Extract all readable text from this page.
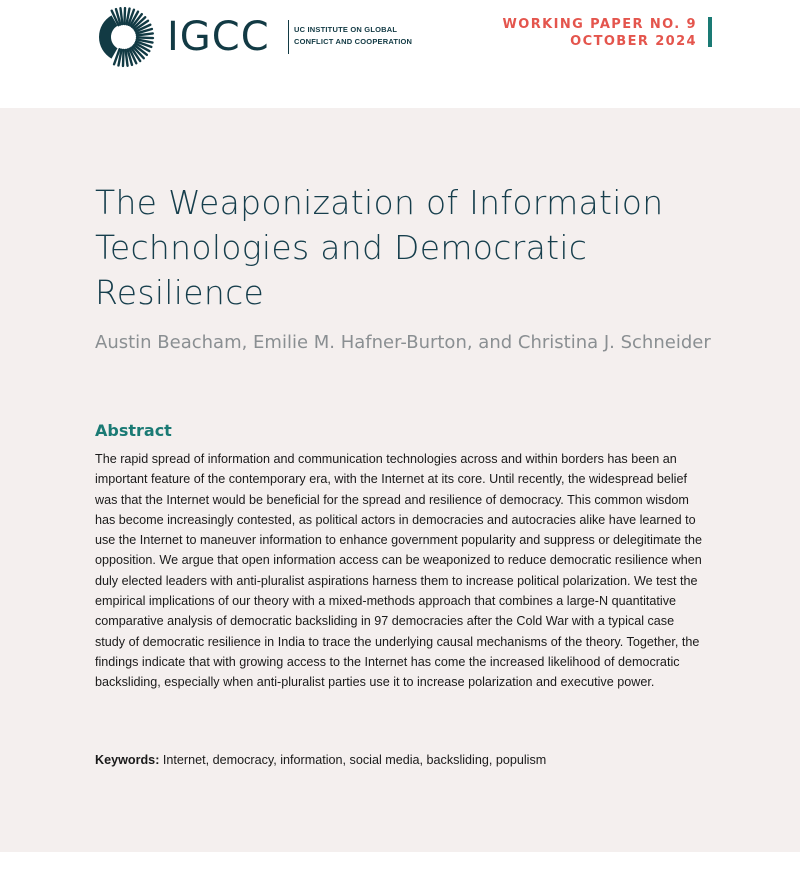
IGCC	UC INSTITUTE ON GLOBAL
CONFLICT AND COOPERATION
WORKING PAPER NO. 9
OCTOBER 2024
The Weaponization of Information Technologies and Democratic Resilience

Austin Beacham, Emilie M. Hafner-Burton, and Christina J. Schneider

Abstract

The rapid spread of information and communication technologies across and within borders has been an important feature of the contemporary era, with the Internet at its core. Until recently, the widespread belief was that the Internet would be beneficial for the spread and resilience of democracy. This common wisdom has become increasingly contested, as political actors in democracies and autocracies alike have learned to use the Internet to maneuver information to enhance government popularity and suppress or delegitimate the opposition. We argue that open information access can be weaponized to reduce democratic resilience when duly elected leaders with anti-pluralist aspirations harness them to increase political polarization. We test the empirical implications of our theory with a mixed-methods approach that combines a large-N quantitative comparative analysis of democratic backsliding in 97 democracies after the Cold War with a typical case study of democratic resilience in India to trace the underlying causal mechanisms of the theory. Together, the findings indicate that with growing access to the Internet has come the increased likelihood of democratic backsliding, especially when anti-pluralist parties use it to increase polarization and executive power.

Keywords: Internet, democracy, information, social media, backsliding, populism
